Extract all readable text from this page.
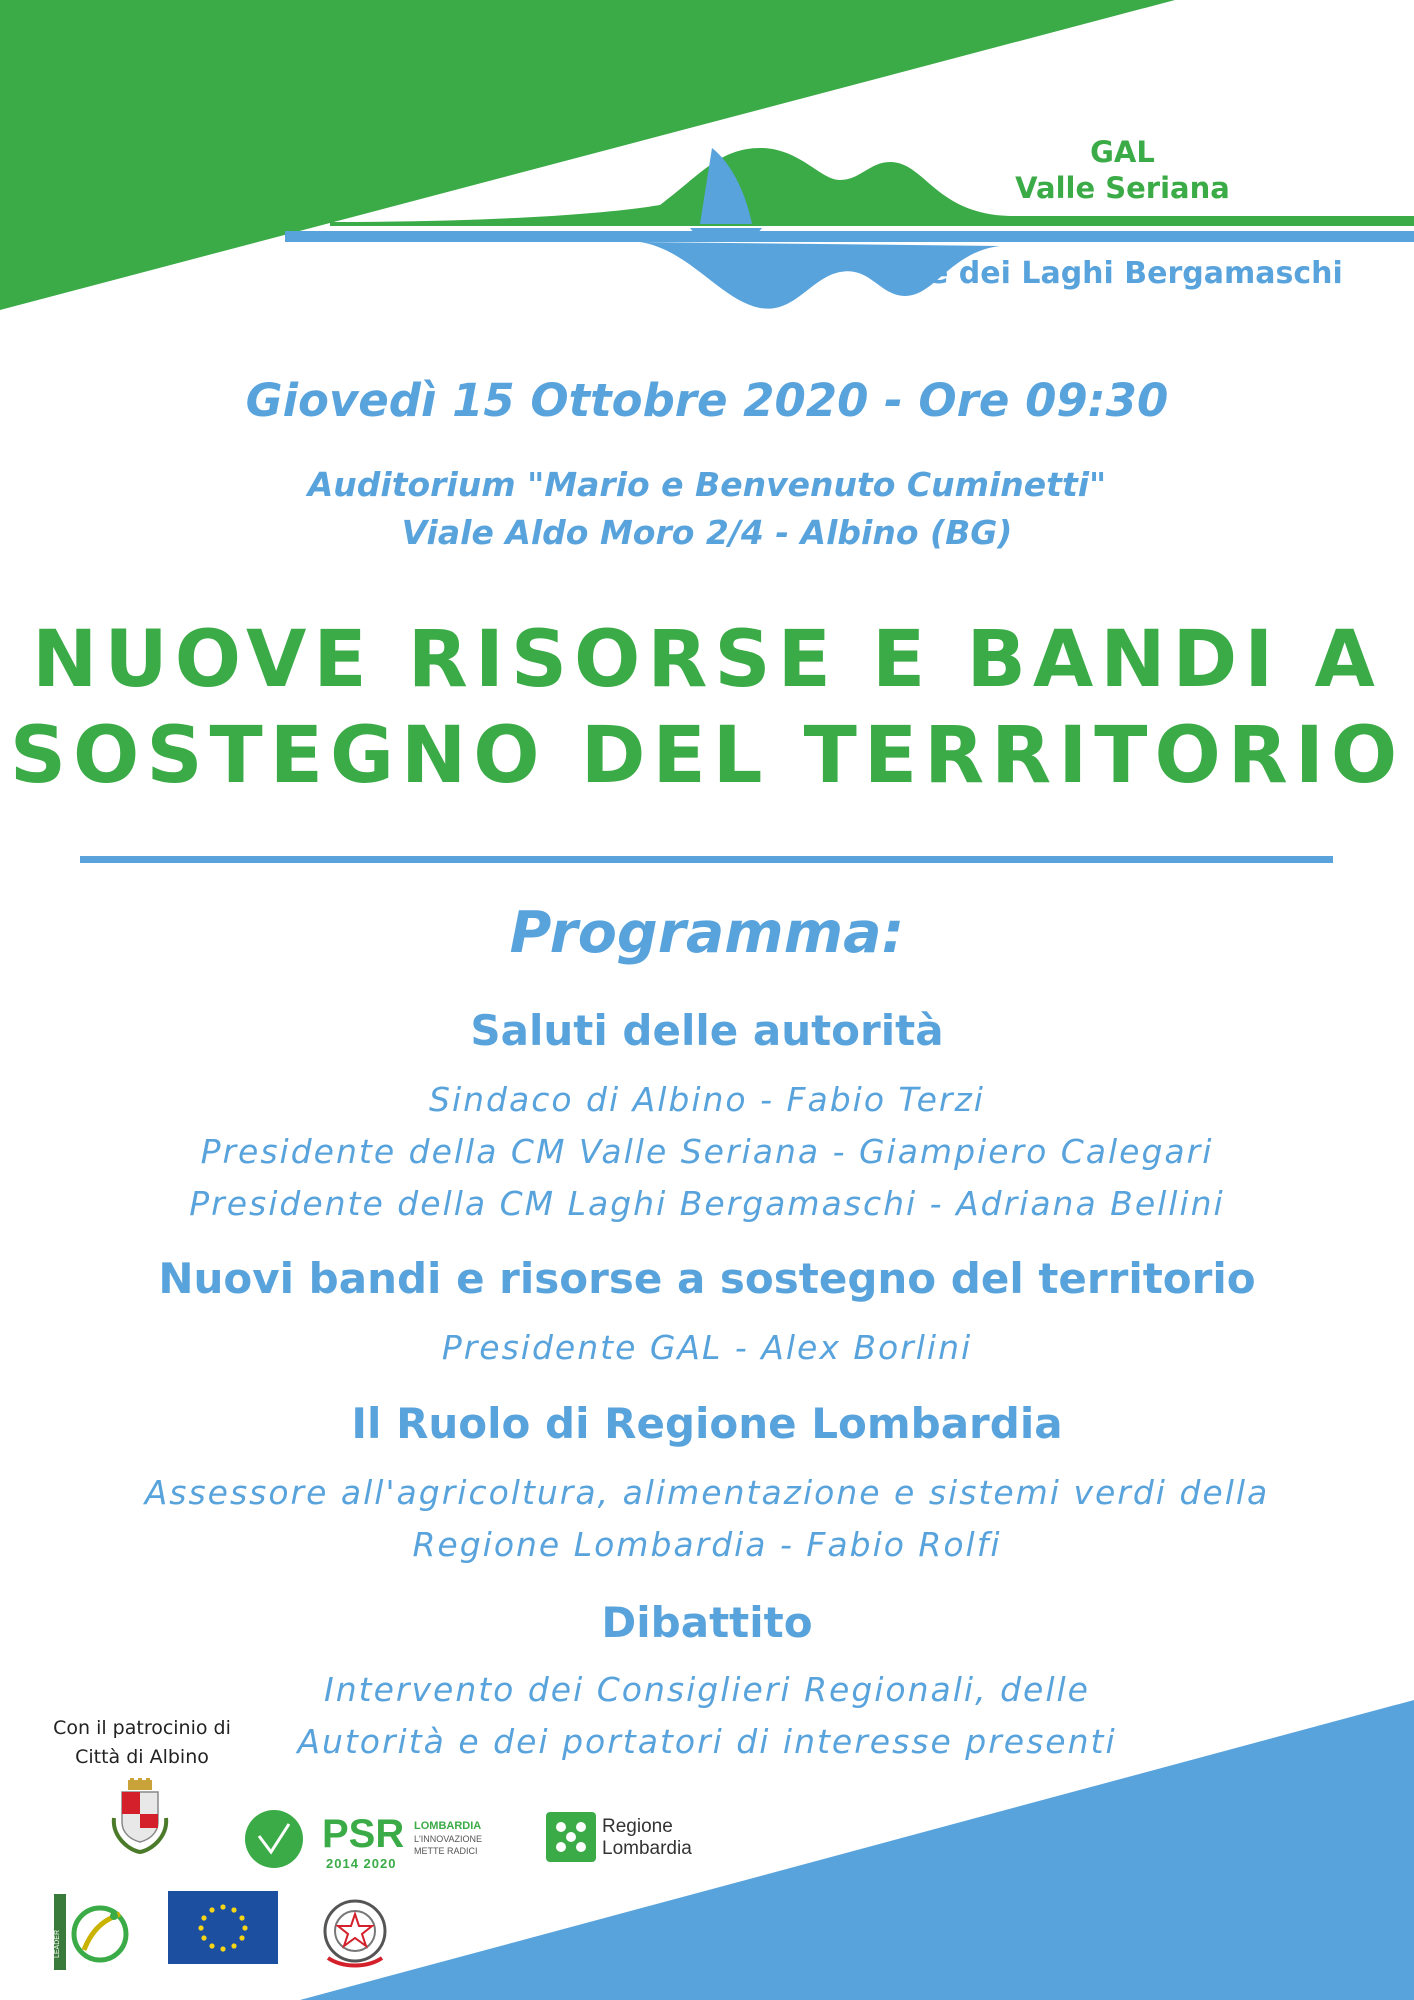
GAL
Valle Seriana
e dei Laghi Bergamaschi
Giovedì 15 Ottobre 2020 - Ore 09:30
Auditorium "Mario e Benvenuto Cuminetti"
Viale Aldo Moro 2/4 - Albino (BG)
NUOVE RISORSE E BANDI A
SOSTEGNO DEL TERRITORIO
Programma:
Saluti delle autorità
Sindaco di Albino - Fabio Terzi
Presidente della CM Valle Seriana - Giampiero Calegari
Presidente della CM Laghi Bergamaschi - Adriana Bellini
Nuovi bandi e risorse a sostegno del territorio
Presidente GAL - Alex Borlini
Il Ruolo di Regione Lombardia
Assessore all'agricoltura, alimentazione e sistemi verdi della
Regione Lombardia - Fabio Rolfi
Dibattito
Intervento dei Consiglieri Regionali, delle
Autorità e dei portatori di interesse presenti
Con il patrocinio di
Città di Albino
PSR
2014 2020
LOMBARDIA
L'INNOVAZIONE
METTE RADICI
Regione
Lombardia
